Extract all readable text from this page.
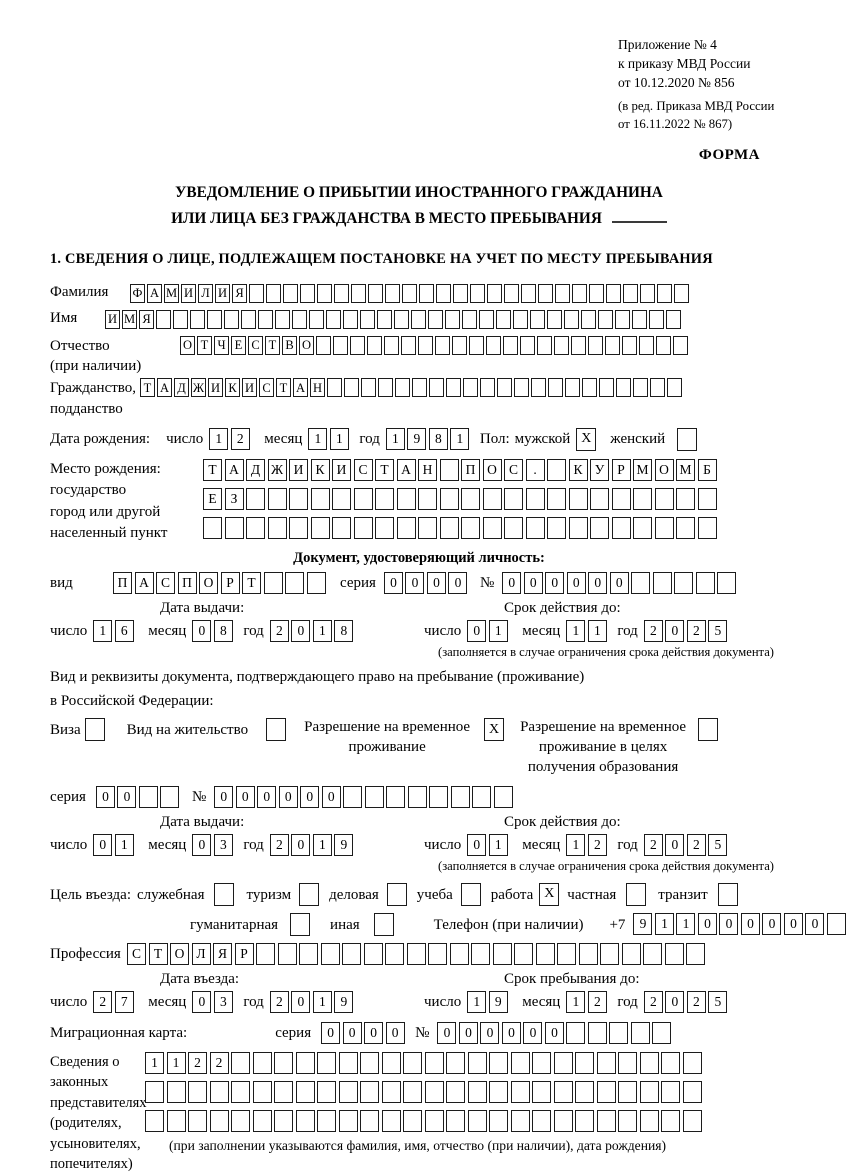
Приложение № 4
к приказу МВД России
от 10.12.2020 № 856
(в ред. Приказа МВД России
от 16.11.2022 № 867)
ФОРМА
УВЕДОМЛЕНИЕ О ПРИБЫТИИ ИНОСТРАННОГО ГРАЖДАНИНА
ИЛИ ЛИЦА БЕЗ ГРАЖДАНСТВА В МЕСТО ПРЕБЫВАНИЯ
1. СВЕДЕНИЯ О ЛИЦЕ, ПОДЛЕЖАЩЕМ ПОСТАНОВКЕ НА УЧЕТ ПО МЕСТУ ПРЕБЫВАНИЯ
Фамилия	Ф А М И Л И Я
Имя	И М Я
Отчество
(при наличии)
О Т Ч Е С Т В О
Гражданство,
подданство
Т А Д Ж И К И С Т А Н
Дата рождения: число 1	2	месяц 1	1	год 1	9	8	1	Пол: мужской X	женский
Место рождения:
государство
город или другой
населенный пункт
Т А Д Ж И К И С Т А Н	П О С	.	К У Р М О М Б
Е	З
Документ, удостоверяющий личность:
вид	П А С П О Р	Т	серия	0	0	0	0	№	0	0	0	0	0	0
Дата выдачи:
число 1	6	месяц 0	8	год 2	0	1	8
Срок действия до:
число 0	1	месяц 1	1	год 2	0	2	5
(заполняется в случае ограничения срока действия документа)
Вид и реквизиты документа, подтверждающего право на пребывание (проживание)
в Российской Федерации:
Виза	Вид на жительство	Разрешение на временное
проживание
X	Разрешение на временное
проживание в целях
получения образования
серия	0	0	№	0	0	0	0	0	0
Дата выдачи:
число 0	1	месяц 0	3	год 2	0	1	9
Срок действия до:
число 0	1	месяц 1	2	год 2	0	2	5
(заполняется в случае ограничения срока действия документа)
Цель въезда: служебная	туризм	деловая	учеба	работа X частная	транзит
гуманитарная	иная	Телефон (при наличии) +7	9	1	1	0	0	0	0	0	0
Профессия С Т О Л Я Р
Дата въезда:
число 2	7	месяц 0	3	год 2	0	1	9
Срок пребывания до:
число 1	9	месяц 1	2	год 2	0	2	5
Миграционная карта:	серия	0	0	0	0	№	0	0	0	0	0	0
Сведения о
законных
представителях
(родителях,
усыновителях,
попечителях)
1	1	2	2
(при заполнении указываются фамилия, имя, отчество (при наличии), дата рождения)
